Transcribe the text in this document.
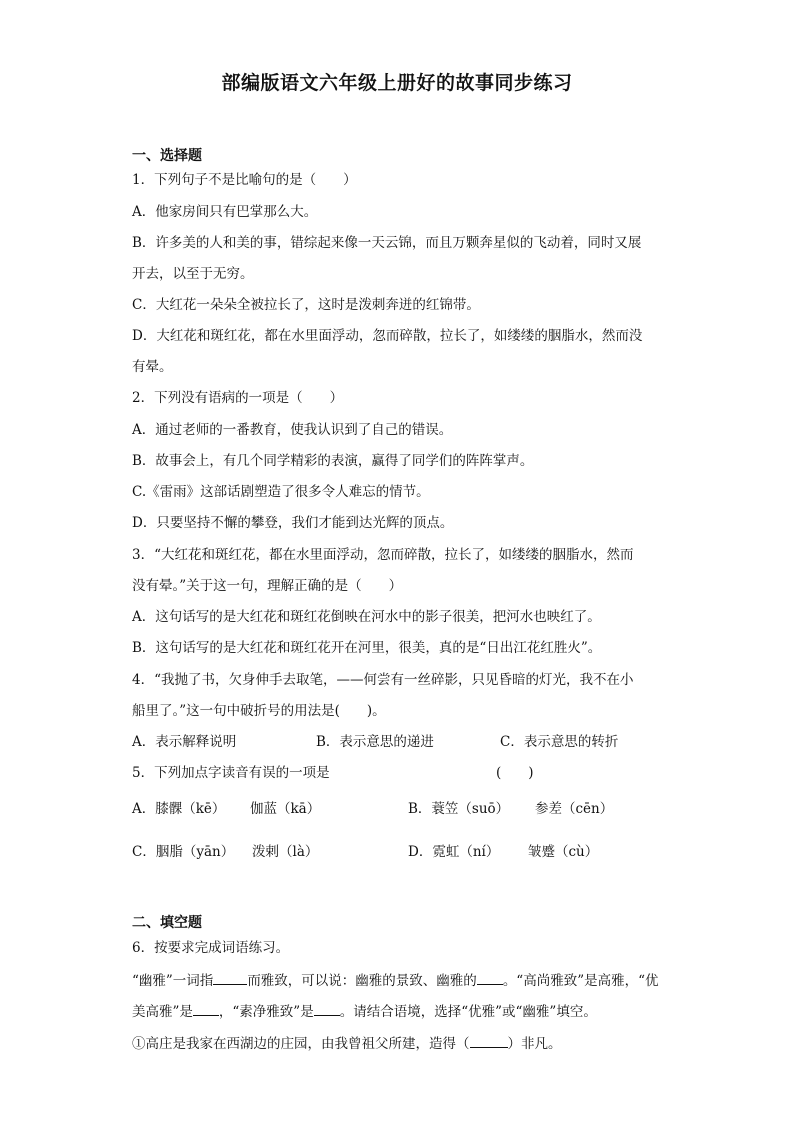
部编版语文六年级上册好的故事同步练习
一、选择题
1．下列句子不是比喻句的是（　　）
A．他家房间只有巴掌那么大。
B．许多美的人和美的事，错综起来像一天云锦，而且万颗奔星似的飞动着，同时又展
开去，以至于无穷。
C．大红花一朵朵全被拉长了，这时是泼刺奔迸的红锦带。
D．大红花和斑红花，都在水里面浮动，忽而碎散，拉长了，如缕缕的胭脂水，然而没
有晕。
2．下列没有语病的一项是（　　）
A．通过老师的一番教育，使我认识到了自己的错误。
B．故事会上，有几个同学精彩的表演，赢得了同学们的阵阵掌声。
C.《雷雨》这部话剧塑造了很多令人难忘的情节。
D．只要坚持不懈的攀登，我们才能到达光辉的顶点。
3．“大红花和斑红花，都在水里面浮动，忽而碎散，拉长了，如缕缕的胭脂水，然而
没有晕。”关于这一句，理解正确的是（　　）
A．这句话写的是大红花和斑红花倒映在河水中的影子很美，把河水也映红了。
B．这句话写的是大红花和斑红花开在河里，很美，真的是“日出江花红胜火”。
4．“我抛了书，欠身伸手去取笔，——何尝有一丝碎影，只见昏暗的灯光，我不在小
船里了。”这一句中破折号的用法是(　　)。
A．表示解释说明	B．表示意思的递进	C．表示意思的转折
5．下列加点字读音有误的一项是	(　　)
A．膝髁（kē） 伽蓝（kā）	B．蓑笠（suō） 参差（cēn）
C．胭脂（yān） 泼剌（là）	D．霓虹（ní） 皱蹙（cù）
二、填空题
6．按要求完成词语练习。
“幽雅”一词指	而雅致，可以说：幽雅的景致、幽雅的 。“高尚雅致”是高雅，“优
美高雅”是 ，“素净雅致”是 。请结合语境，选择“优雅”或“幽雅”填空。
①高庄是我家在西湖边的庄园，由我曾祖父所建，造得（	）非凡。
